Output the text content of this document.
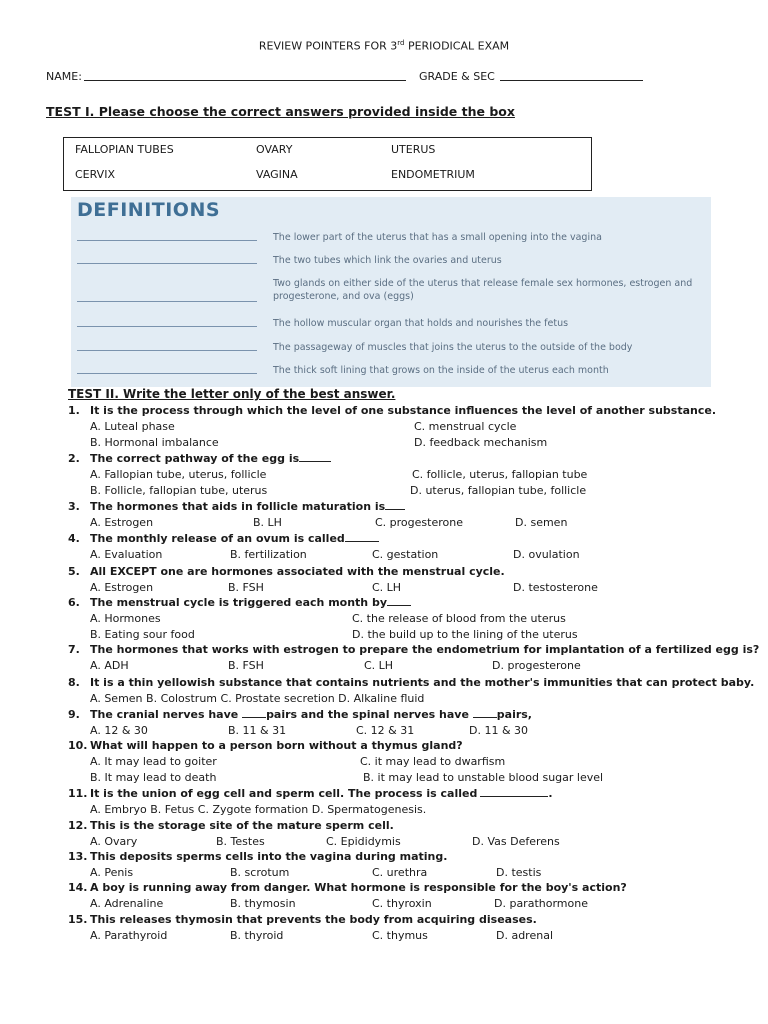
REVIEW POINTERS FOR 3rd PERIODICAL EXAM
NAME:	GRADE & SEC
TEST I. Please choose the correct answers provided inside the box
FALLOPIAN TUBES	OVARY	UTERUS
CERVIX	VAGINA	ENDOMETRIUM
DEFINITIONS
The lower part of the uterus that has a small opening into the vagina
The two tubes which link the ovaries and uterus
Two glands on either side of the uterus that release female sex hormones, estrogen and progesterone, and ova (eggs)
The hollow muscular organ that holds and nourishes the fetus
The passageway of muscles that joins the uterus to the outside of the body
The thick soft lining that grows on the inside of the uterus each month
TEST II. Write the letter only of the best answer.
1. It is the process through which the level of one substance influences the level of another substance.
A. Luteal phase	C. menstrual cycle
B. Hormonal imbalance	D. feedback mechanism
2. The correct pathway of the egg is
A. Fallopian tube, uterus, follicle	C. follicle, uterus, fallopian tube
B. Follicle, fallopian tube, uterus	D. uterus, fallopian tube, follicle
3. The hormones that aids in follicle maturation is
A. Estrogen	B. LH	C. progesterone	D. semen
4. The monthly release of an ovum is called
A. Evaluation	B. fertilization	C. gestation	D. ovulation
5. All EXCEPT one are hormones associated with the menstrual cycle.
A. Estrogen	B. FSH	C. LH	D. testosterone
6. The menstrual cycle is triggered each month by
A. Hormones	C. the release of blood from the uterus
B. Eating sour food	D. the build up to the lining of the uterus
7. The hormones that works with estrogen to prepare the endometrium for implantation of a fertilized egg is?
A. ADH	B. FSH	C. LH	D. progesterone
8. It is a thin yellowish substance that contains nutrients and the mother's immunities that can protect baby.
A. Semen B. Colostrum C. Prostate secretion D. Alkaline fluid
9. The cranial nerves have pairs and the spinal nerves have pairs,
A. 12 & 30	B. 11 & 31	C. 12 & 31	D. 11 & 30
10. What will happen to a person born without a thymus gland?
A. It may lead to goiter	C. it may lead to dwarfism
B. It may lead to death	B. it may lead to unstable blood sugar level
11. It is the union of egg cell and sperm cell. The process is called	.
A. Embryo B. Fetus C. Zygote formation D. Spermatogenesis.
12. This is the storage site of the mature sperm cell.
A. Ovary	B. Testes	C. Epididymis	D. Vas Deferens
13. This deposits sperms cells into the vagina during mating.
A. Penis	B. scrotum	C. urethra	D. testis
14. A boy is running away from danger. What hormone is responsible for the boy's action?
A. Adrenaline	B. thymosin	C. thyroxin	D. parathormone
15. This releases thymosin that prevents the body from acquiring diseases.
A. Parathyroid	B. thyroid	C. thymus	D. adrenal
